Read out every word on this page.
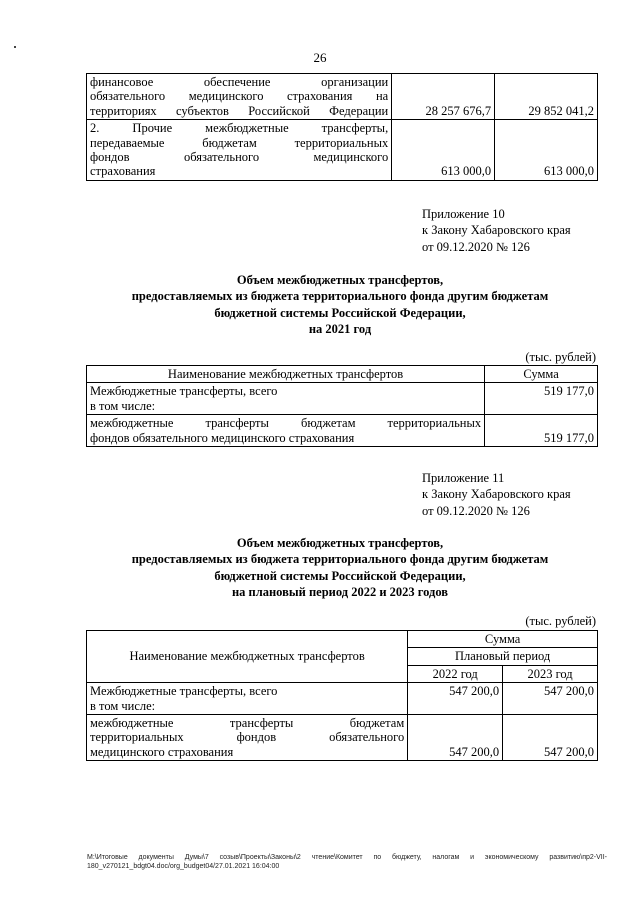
26
финансовое обеспечение организации
обязательного медицинского страхования на
территориях субъектов Российской Федерации	28 257 676,7	29 852 041,2

2. Прочие межбюджетные трансферты,
передаваемые бюджетам территориальных
фондов обязательного медицинского
страхования	613 000,0	613 000,0
Приложение 10
к Закону Хабаровского края
от 09.12.2020 № 126
Объем межбюджетных трансфертов,
предоставляемых из бюджета территориального фонда другим бюджетам
бюджетной системы Российской Федерации,
на 2021 год
(тыс. рублей)
Наименование межбюджетных трансфертов	Сумма

Межбюджетные трансферты, всего
в том числе:	519 177,0

межбюджетные трансферты бюджетам территориальных
фондов обязательного медицинского страхования	519 177,0
Приложение 11
к Закону Хабаровского края
от 09.12.2020 № 126
Объем межбюджетных трансфертов,
предоставляемых из бюджета территориального фонда другим бюджетам
бюджетной системы Российской Федерации,
на плановый период 2022 и 2023 годов
(тыс. рублей)
Наименование межбюджетных трансфертов	Сумма	
	Плановый период	
	2022 год	2023 год

Межбюджетные трансферты, всего
в том числе:	547 200,0	547 200,0

межбюджетные трансферты бюджетам
территориальных фондов обязательного
медицинского страхования	547 200,0	547 200,0
М:\Итоговые документы Думы\7 созыв\Проекты\Законы\2 чтение\Комитет по бюджету, налогам и экономическому развитию\пр2-VII-
180_v270121_bdgt04.doc/org_budget04/27.01.2021 16:04:00
